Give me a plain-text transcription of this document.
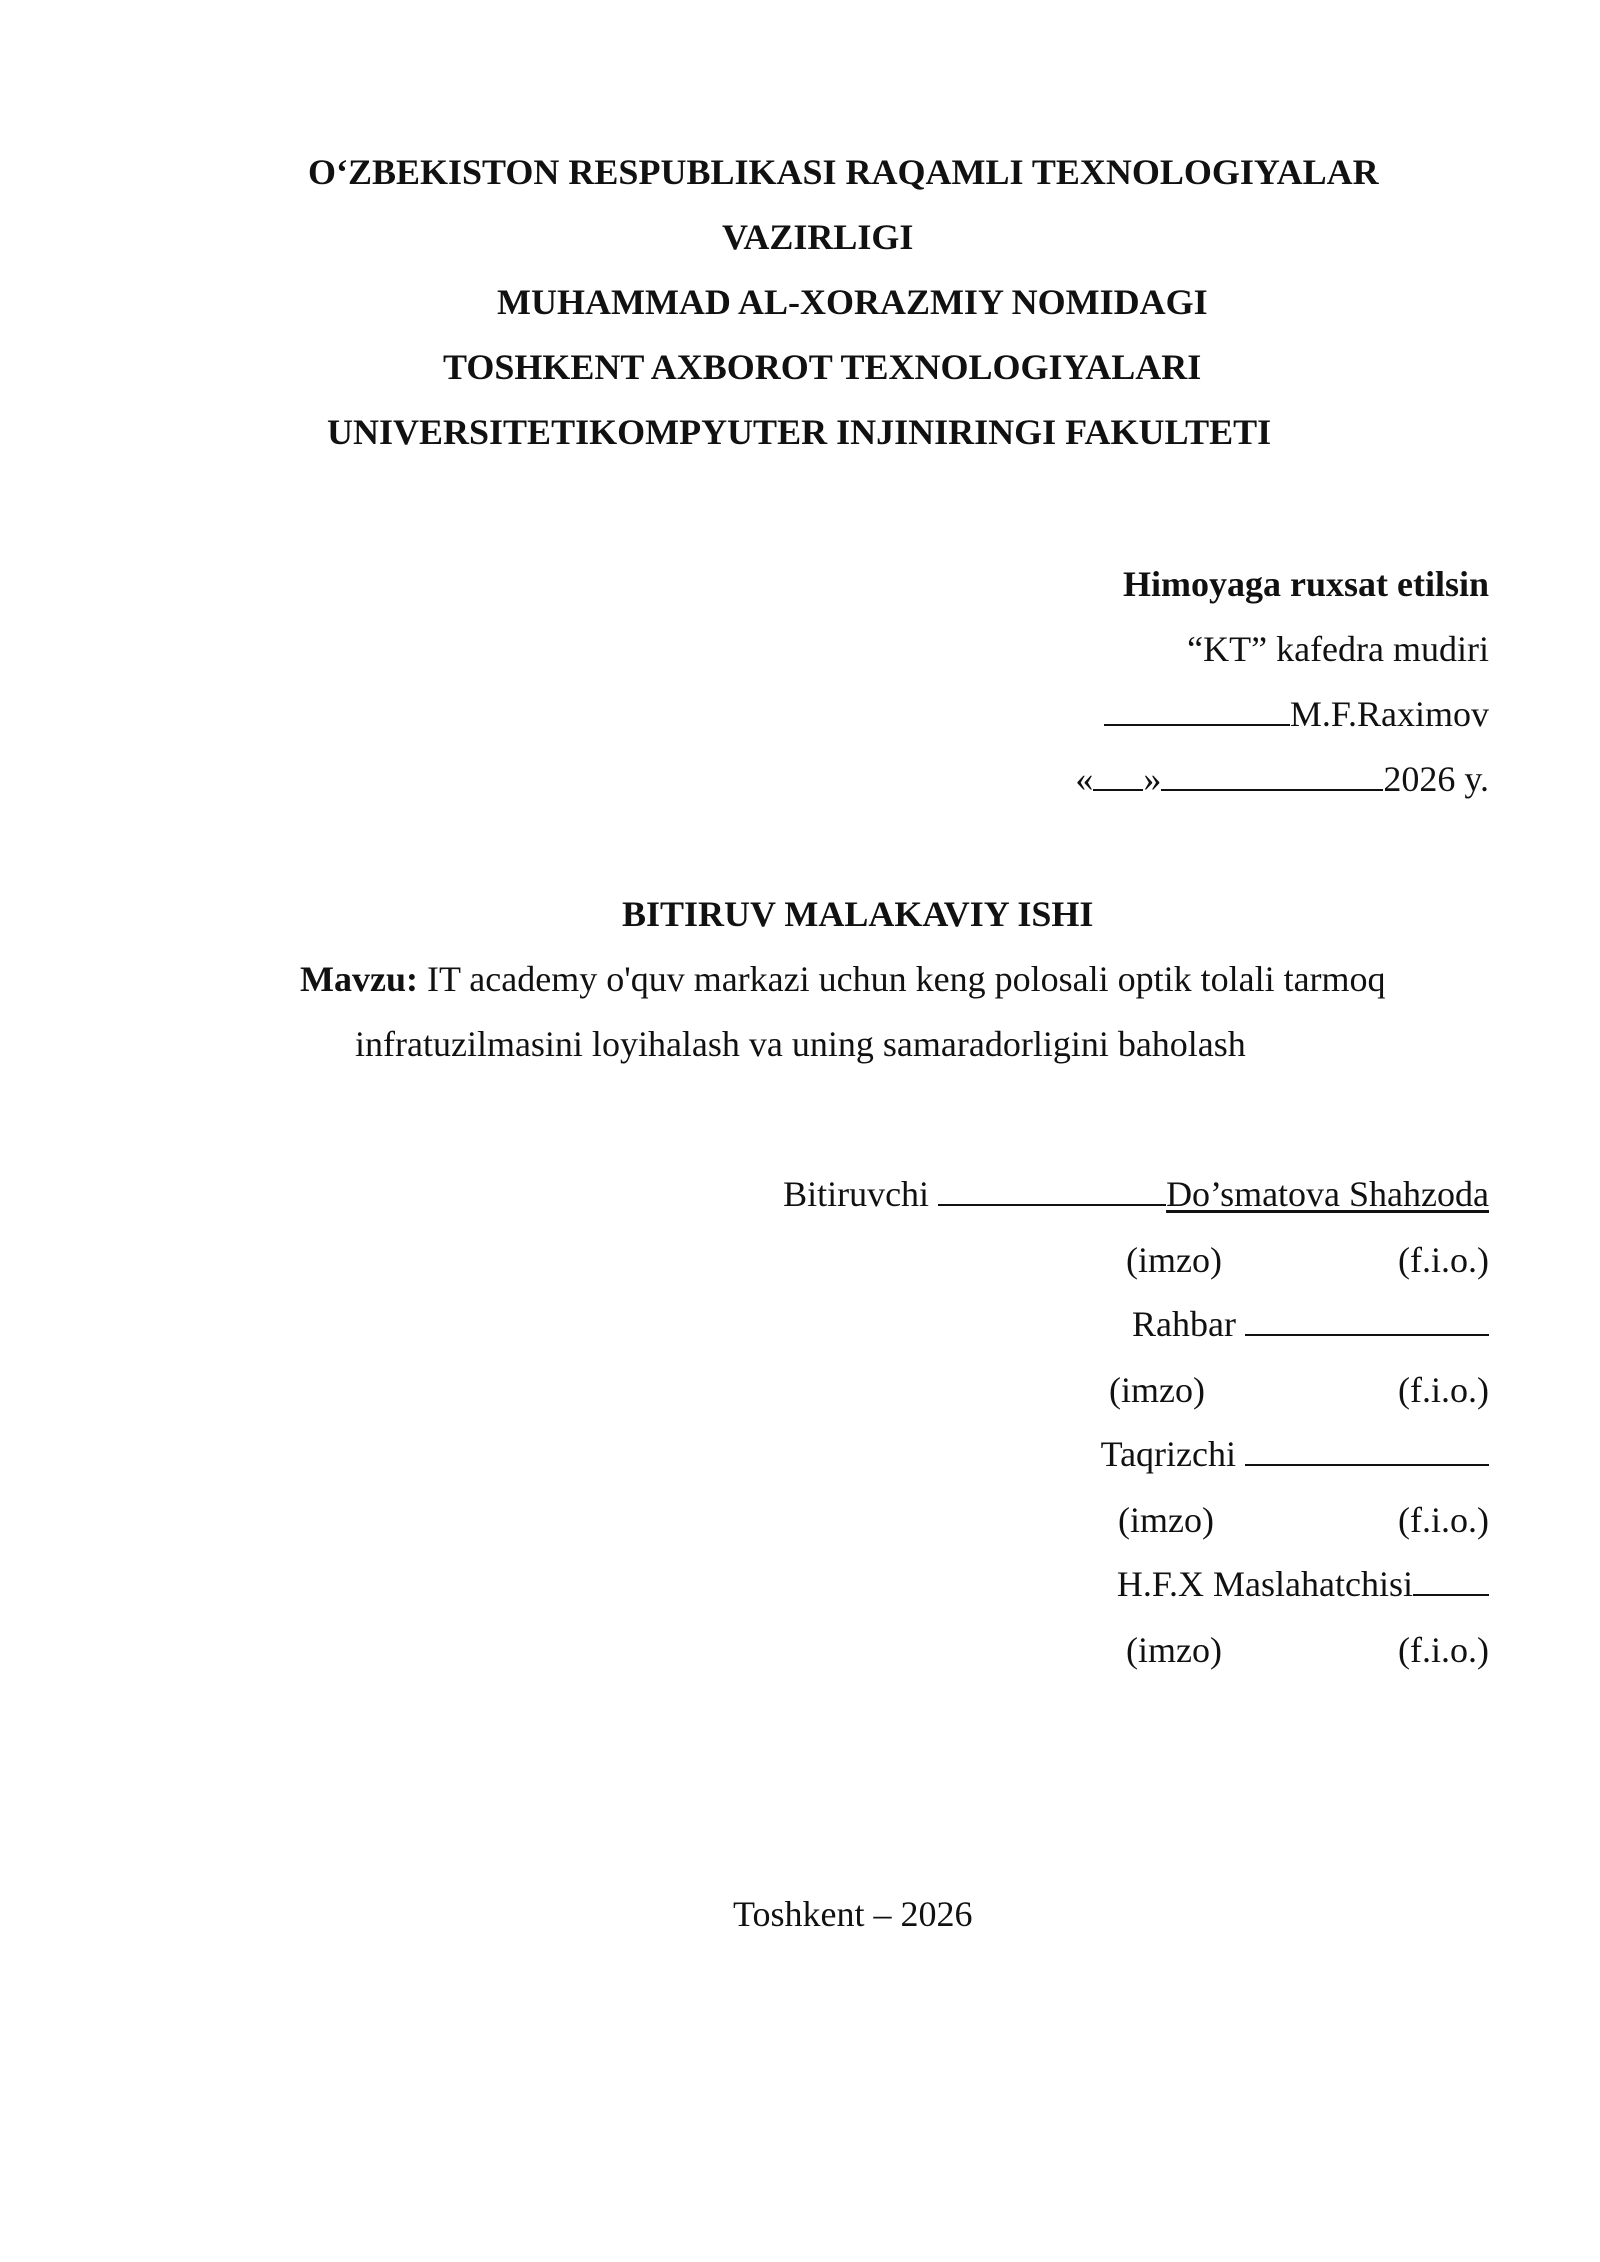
O‘ZBEKISTON RESPUBLIKASI RAQAMLI TEXNOLOGIYALAR
VAZIRLIGI
MUHAMMAD AL-XORAZMIY NOMIDAGI
TOSHKENT AXBOROT TEXNOLOGIYALARI
UNIVERSITETIKOMPYUTER INJINIRINGI FAKULTETI
Himoyaga ruxsat etilsin
“KT” kafedra mudiri
M.F.Raximov
« »	2026 y.
BITIRUV MALAKAVIY ISHI
Mavzu: IT academy o'quv markazi uchun keng polosali optik tolali tarmoq
infratuzilmasini loyihalash va uning samaradorligini baholash
Bitiruvchi	Do’smatova Shahzoda
(imzo)	(f.i.o.)
Rahbar
(imzo)	(f.i.o.)
Taqrizchi
(imzo)	(f.i.o.)
H.F.X Maslahatchisi
(imzo)	(f.i.o.)
Toshkent – 2026
